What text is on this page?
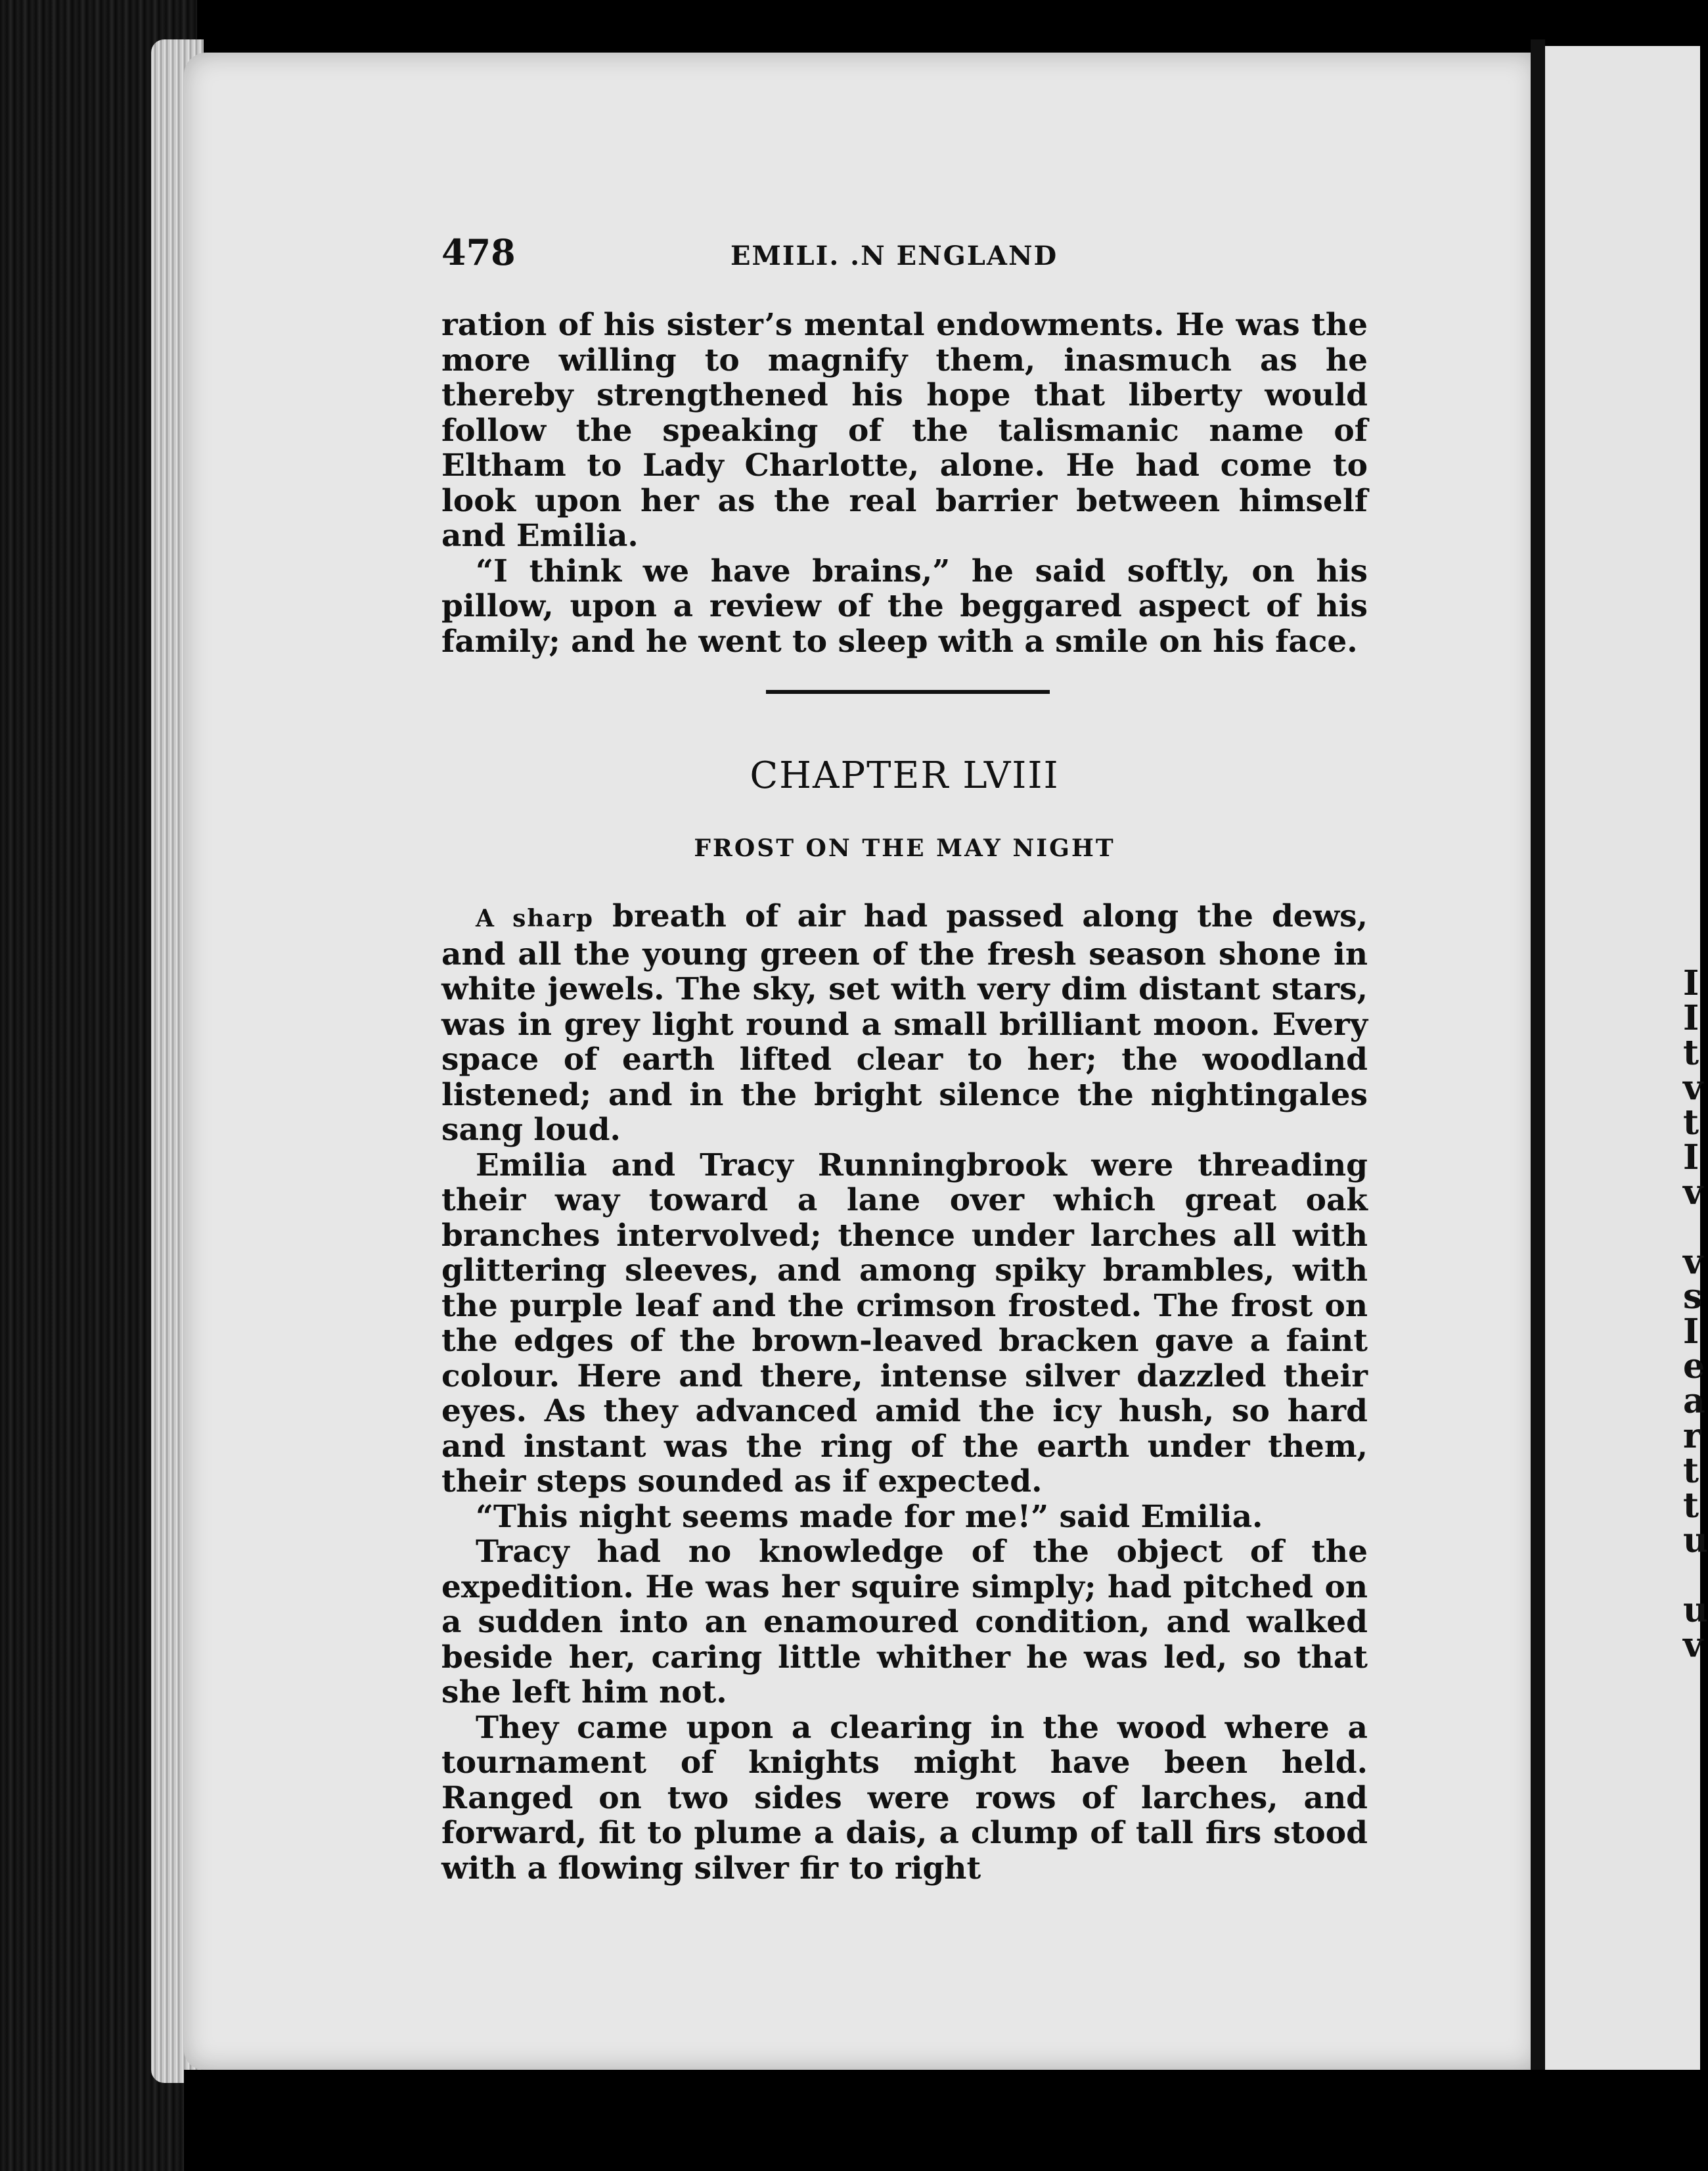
I
I
t
v
t
I
v

v
s
I
e
a
r
t
t
u

u
v
478	EMILI. .N ENGLAND

ration of his sister’s mental endowments. He was the more willing to magnify them, inasmuch as he thereby strengthened his hope that liberty would follow the speaking of the talismanic name of Eltham to Lady Charlotte, alone. He had come to look upon her as the real barrier between himself and Emilia.

“I think we have brains,” he said softly, on his pillow, upon a review of the beggared aspect of his family; and he went to sleep with a smile on his face.

CHAPTER LVIII
FROST ON THE MAY NIGHT

A sharp breath of air had passed along the dews, and all the young green of the fresh season shone in white jewels. The sky, set with very dim distant stars, was in grey light round a small brilliant moon. Every space of earth lifted clear to her; the woodland listened; and in the bright silence the nightingales sang loud.

Emilia and Tracy Runningbrook were threading their way toward a lane over which great oak branches intervolved; thence under larches all with glittering sleeves, and among spiky brambles, with the purple leaf and the crimson frosted. The frost on the edges of the brown-leaved bracken gave a faint colour. Here and there, intense silver dazzled their eyes. As they advanced amid the icy hush, so hard and instant was the ring of the earth under them, their steps sounded as if expected.

“This night seems made for me!” said Emilia.

Tracy had no knowledge of the object of the expedition. He was her squire simply; had pitched on a sudden into an enamoured condition, and walked beside her, caring little whither he was led, so that she left him not.

They came upon a clearing in the wood where a tournament of knights might have been held. Ranged on two sides were rows of larches, and forward, fit to plume a dais, a clump of tall firs stood with a flowing silver fir to right
